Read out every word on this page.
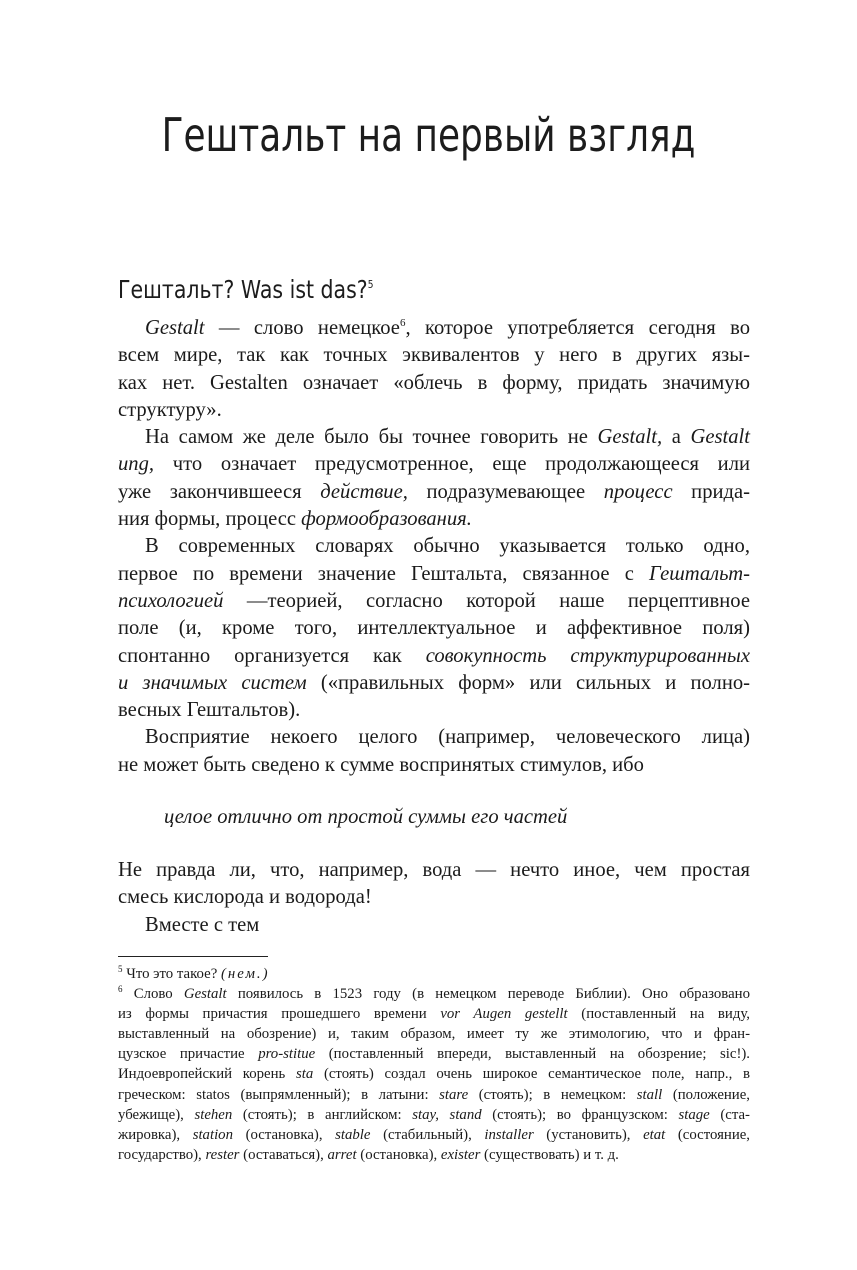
Гештальт на первый взгляд
Гештальт? Was ist das?$^5$
Gestalt — слово немецкое$^6$, которое употребляется сегодня во
всем мире, так как точных эквивалентов у него в других язы-
ках нет. Gestalten означает «облечь в форму, придать значимую
структуру».
На самом же деле было бы точнее говорить не Gestalt, а Gestalt
ung, что означает предусмотренное, еще продолжающееся или
уже закончившееся действие, подразумевающее процесс прида-
ния формы, процесс формообразования.
В современных словарях обычно указывается только одно,
первое по времени значение Гештальта, связанное с Гештальт-
психологией —теорией, согласно которой наше перцептивное
поле (и, кроме того, интеллектуальное и аффективное поля)
спонтанно организуется как совокупность структурированных
и значимых систем («правильных форм» или сильных и полно-
весных Гештальтов).
Восприятие некоего целого (например, человеческого лица)
не может быть сведено к сумме воспринятых стимулов, ибо
целое отлично от простой суммы его частей
Не правда ли, что, например, вода — нечто иное, чем простая
смесь кислорода и водорода!
Вместе с тем
$^5$ Что это такое? (нем.)
$^6$ Слово Gestalt появилось в 1523 году (в немецком переводе Библии). Оно образовано
из формы причастия прошедшего времени vor Augen gestellt (поставленный на виду,
выставленный на обозрение) и, таким образом, имеет ту же этимологию, что и фран-
цузское причастие pro-stitue (поставленный впереди, выставленный на обозрение; sic!).
Индоевропейский корень sta (стоять) создал очень широкое семантическое поле, напр., в
греческом: statos (выпрямленный); в латыни: stare (стоять); в немецком: stall (положение,
убежище), stehen (стоять); в английском: stay, stand (стоять); во французском: stage (ста-
жировка), station (остановка), stable (стабильный), installer (установить), etat (состояние,
государство), rester (оставаться), arret (остановка), exister (существовать) и т. д.
